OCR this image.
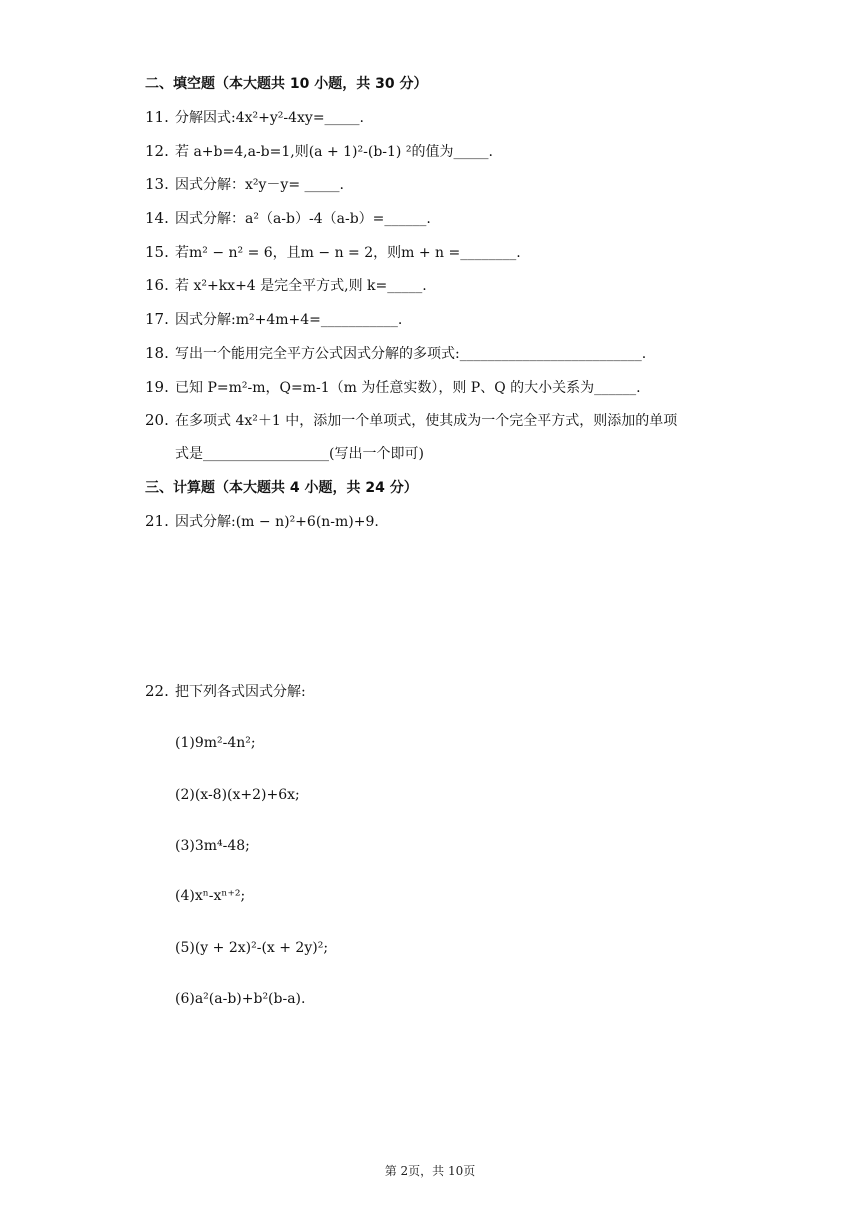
二、填空题（本大题共 10 小题，共 30 分）
11. 分解因式:4x²+y²-4xy=_____.
12. 若 a+b=4,a-b=1,则(a + 1)²-(b-1) ²的值为_____.
13. 因式分解：x²y－y= _____.
14. 因式分解：a²（a-b）-4（a-b）=______.
15. 若m² − n² = 6，且m − n = 2，则m + n =________.
16. 若 x²+kx+4 是完全平方式,则 k=_____.
17. 因式分解:m²+4m+4=___________.
18. 写出一个能用完全平方公式因式分解的多项式:__________________________.
19. 已知 P=m²-m，Q=m-1（m 为任意实数），则 P、Q 的大小关系为______.
20. 在多项式 4x²＋1 中，添加一个单项式，使其成为一个完全平方式，则添加的单项
式是__________________(写出一个即可)
三、计算题（本大题共 4 小题，共 24 分）
21. 因式分解:(m − n)²+6(n-m)+9.
22. 把下列各式因式分解:
(1)9m²-4n²;
(2)(x-8)(x+2)+6x;
(3)3m⁴-48;
(4)xⁿ-xⁿ⁺²;
(5)(y + 2x)²-(x + 2y)²;
(6)a²(a-b)+b²(b-a).
第 2页，共 10页
